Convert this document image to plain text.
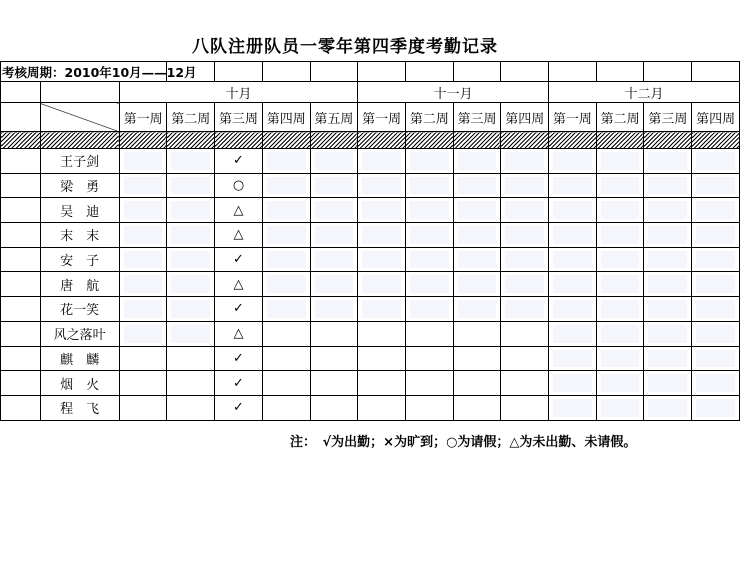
八队注册队员一零年第四季度考勤记录
考核周期：2010年10月——12月														
		十月					十一月				十二月			
		第一周	第二周	第三周	第四周	第五周	第一周	第二周	第三周	第四周	第一周	第二周	第三周	第四周

	王子剑			✓	

	梁　勇			○	

	吴　迪			△	

	末　末			△	

	安　子			✓	

	唐　航			△	

	花一笑			✓	

	风之落叶			△							

	麒　麟			✓							

	烟　火			✓							

	程　飞			✓							

注：　√为出勤；×为旷到；○为请假；△为未出勤、未请假。
